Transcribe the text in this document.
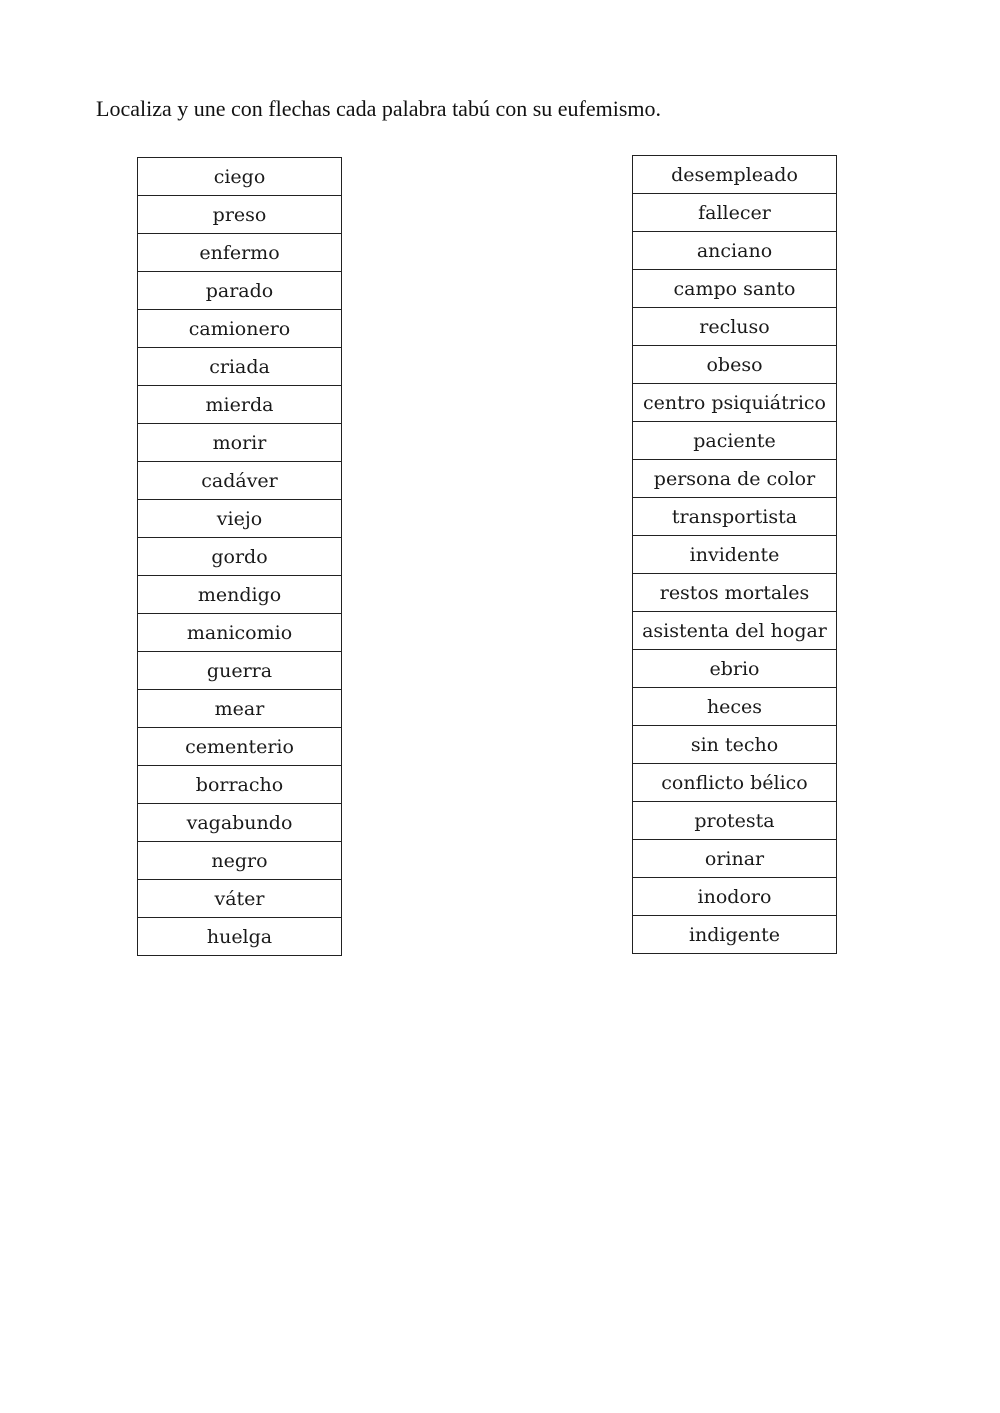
Localiza y une con flechas cada palabra tabú con su eufemismo.

ciego
preso
enfermo
parado
camionero
criada
mierda
morir
cadáver
viejo
gordo
mendigo
manicomio
guerra
mear
cementerio
borracho
vagabundo
negro
váter
huelga
desempleado
fallecer
anciano
campo santo
recluso
obeso
centro psiquiátrico
paciente
persona de color
transportista
invidente
restos mortales
asistenta del hogar
ebrio
heces
sin techo
conflicto bélico
protesta
orinar
inodoro
indigente
